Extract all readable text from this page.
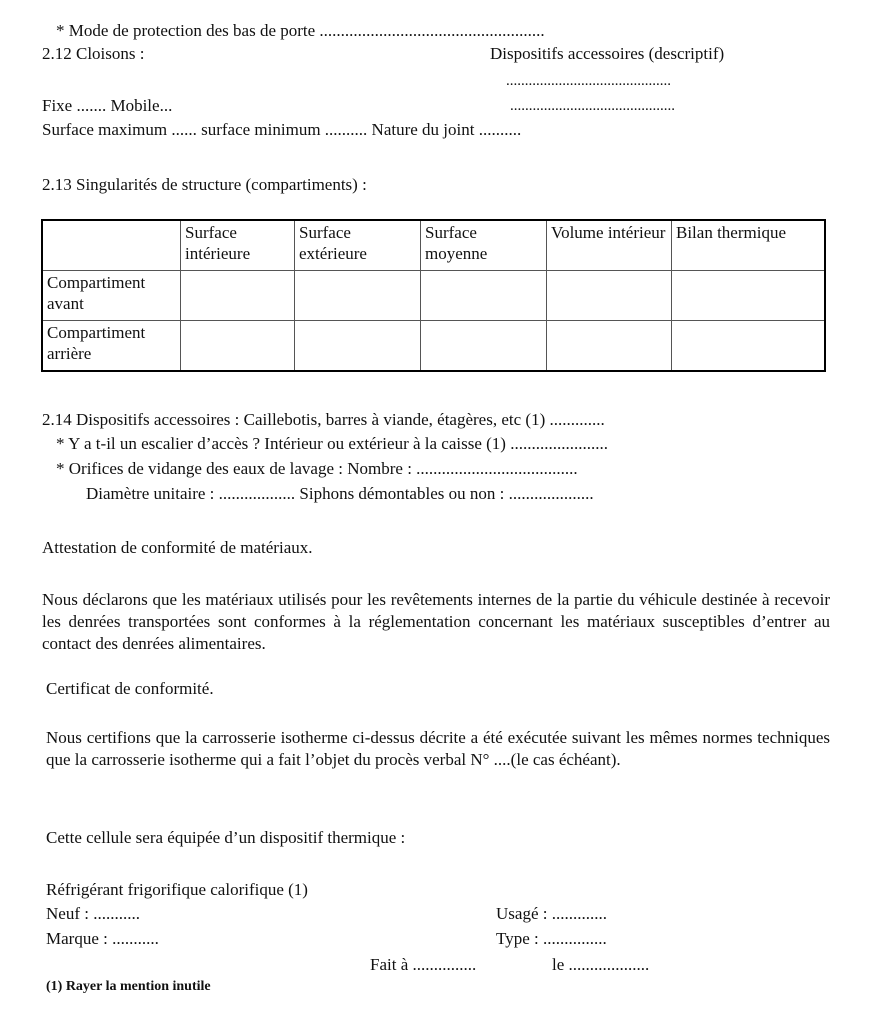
* Mode de protection des bas de porte .....................................................
2.12 Cloisons :	Dispositifs accessoires (descriptif)
............................................
Fixe ....... Mobile...	............................................
Surface maximum ...... surface minimum .......... Nature du joint ..........
2.13 Singularités de structure (compartiments) :
	Surface intérieure	Surface extérieure	Surface moyenne	Volume intérieur	Bilan thermique
Compartiment avant					
Compartiment arrière					
2.14 Dispositifs accessoires : Caillebotis, barres à viande, étagères, etc (1) .............
* Y a t-il un escalier d’accès ? Intérieur ou extérieur à la caisse (1) .......................
* Orifices de vidange des eaux de lavage : Nombre : ......................................
Diamètre unitaire : .................. Siphons démontables ou non : ....................
Attestation de conformité de matériaux.
Nous déclarons que les matériaux utilisés pour les revêtements internes de la partie du véhicule destinée à recevoir les denrées transportées sont conformes à la réglementation concernant les matériaux susceptibles d’entrer au contact des denrées alimentaires.
Certificat de conformité.
Nous certifions que la carrosserie isotherme ci-dessus décrite a été exécutée suivant les mêmes normes techniques que la carrosserie isotherme qui a fait l’objet du procès verbal N° ....(le cas échéant).
Cette cellule sera équipée d’un dispositif thermique :
Réfrigérant frigorifique calorifique (1)
Neuf : ...........	Usagé : .............
Marque : ...........	Type : ...............
Fait à ...............	le ...................
(1) Rayer la mention inutile
